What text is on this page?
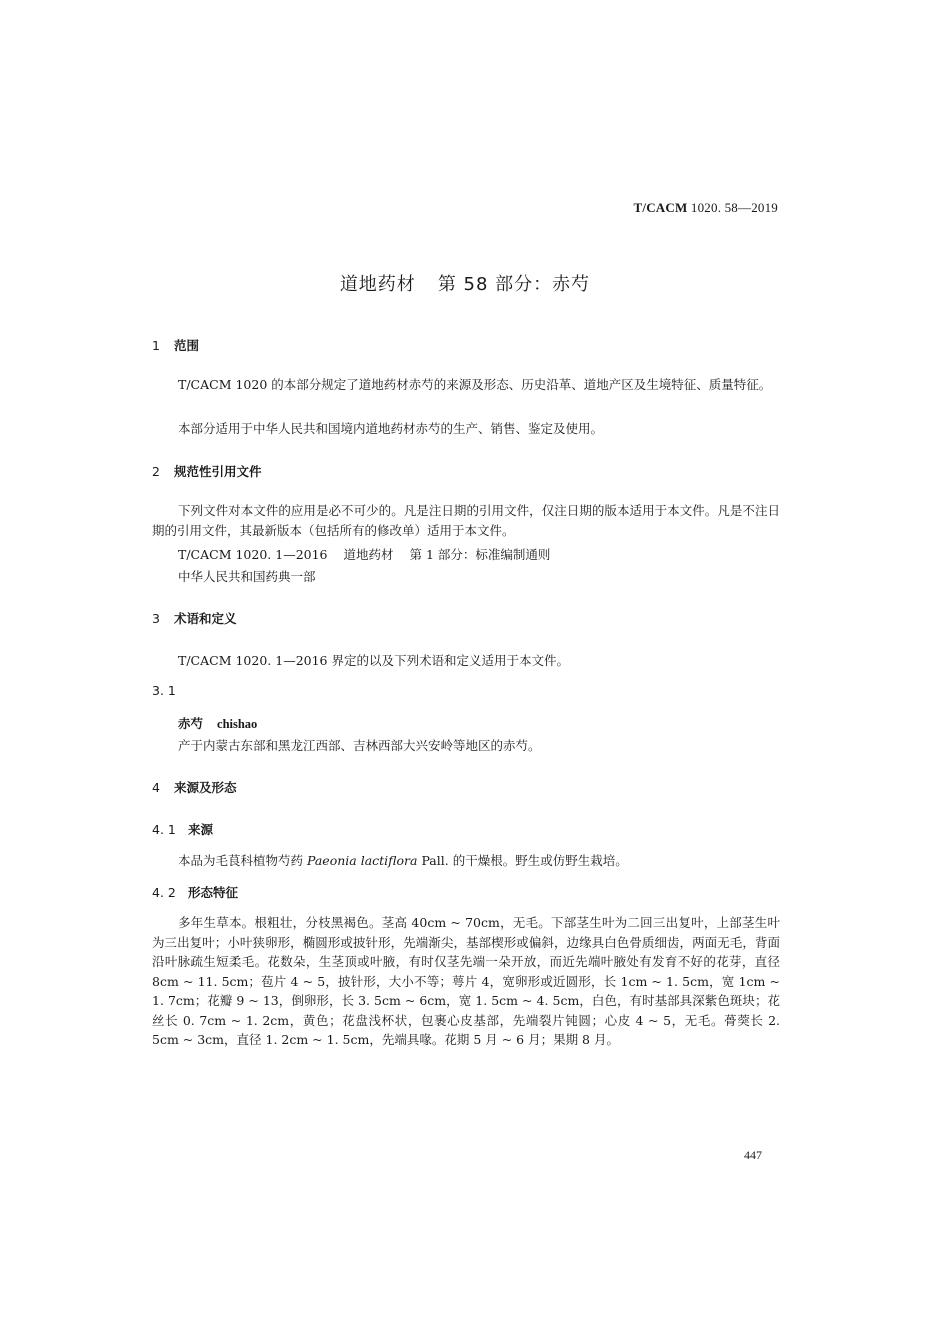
T/CACM 1020. 58—2019
道地药材 第 58 部分：赤芍
1 范围
T/CACM 1020 的本部分规定了道地药材赤芍的来源及形态、历史沿革、道地产区及生境特征、质量特征。
本部分适用于中华人民共和国境内道地药材赤芍的生产、销售、鉴定及使用。
2 规范性引用文件
下列文件对本文件的应用是必不可少的。凡是注日期的引用文件，仅注日期的版本适用于本文件。凡是不注日期的引用文件，其最新版本（包括所有的修改单）适用于本文件。
T/CACM 1020. 1—2016 道地药材 第 1 部分：标准编制通则
中华人民共和国药典一部
3 术语和定义
T/CACM 1020. 1—2016 界定的以及下列术语和定义适用于本文件。
3. 1
赤芍 chishao
产于内蒙古东部和黑龙江西部、吉林西部大兴安岭等地区的赤芍。
4 来源及形态
4. 1 来源
本品为毛茛科植物芍药 Paeonia lactiflora Pall. 的干燥根。野生或仿野生栽培。
4. 2 形态特征
多年生草本。根粗壮，分枝黑褐色。茎高 40cm ~ 70cm，无毛。下部茎生叶为二回三出复叶，上部茎生叶为三出复叶；小叶狭卵形，椭圆形或披针形，先端渐尖，基部楔形或偏斜，边缘具白色骨质细齿，两面无毛，背面沿叶脉疏生短柔毛。花数朵，生茎顶或叶腋，有时仅茎先端一朵开放，而近先端叶腋处有发育不好的花芽，直径 8cm ~ 11. 5cm；苞片 4 ~ 5，披针形，大小不等；萼片 4，宽卵形或近圆形，长 1cm ~ 1. 5cm，宽 1cm ~ 1. 7cm；花瓣 9 ~ 13，倒卵形，长 3. 5cm ~ 6cm，宽 1. 5cm ~ 4. 5cm，白色，有时基部具深紫色斑块；花丝长 0. 7cm ~ 1. 2cm，黄色；花盘浅杯状，包裹心皮基部，先端裂片钝圆；心皮 4 ~ 5，无毛。蓇葖长 2. 5cm ~ 3cm，直径 1. 2cm ~ 1. 5cm，先端具喙。花期 5 月 ~ 6 月；果期 8 月。
447
